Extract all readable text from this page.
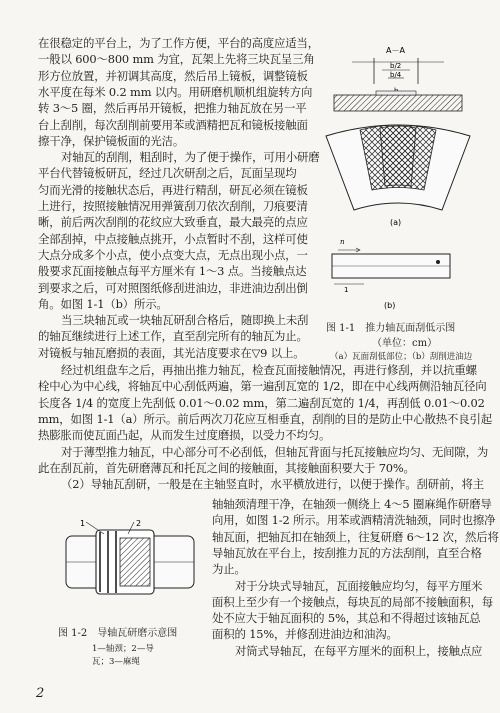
在很稳定的平台上，为了工作方便，平台的高度应适当，
一般以 600～800 mm 为宜，瓦架上先将三块瓦呈三角
形方位放置，并初调其高度，然后吊上镜板，调整镜板
水平度在每米 0.2 mm 以内。用研磨机顺机组旋转方向
转 3～5 圈，然后再吊开镜板，把推力轴瓦放在另一平
台上刮削，每次刮削前要用苯或酒精把瓦和镜板接触面
擦干净，保护镜板面的光洁。
对轴瓦的刮削，粗刮时，为了便于操作，可用小研磨
平台代替镜板研瓦，经过几次研刮之后，瓦面呈现均
匀而光滑的接触状态后，再进行精刮，研瓦必须在镜板
上进行，按照接触情况用弹簧刮刀依次刮削，刀痕要清
晰，前后两次刮削的花纹应大致垂直，最大最亮的点应
全部刮掉，中点接触点挑开，小点暂时不刮，这样可使
大点分成多个小点，使小点变大点，无点出现小点，一
般要求瓦面接触点每平方厘米有 1～3 点。当接触点达
到要求之后，可对照图纸修刮进油边，非进油边刮出倒
角。如图 1-1（b）所示。
当三块轴瓦或一块轴瓦研刮合格后，随即换上未刮
的轴瓦继续进行上述工作，直至刮完所有的轴瓦为止。
对镜板与轴瓦磨损的表面，其光洁度要求在▽9 以上。
A－A
b/2
b/4
(a)
n
1
(b)
图 1-1　推力轴瓦面刮低示图
（单位：cm）
（a）瓦面刮低部位；（b）刮削进油边
经过机组盘车之后，再抽出推力轴瓦，检查瓦面接触情况，再进行修刮，并以抗重螺
栓中心为中心线，将轴瓦中心刮低两遍，第一遍刮瓦宽的 1/2，即在中心线两侧沿轴瓦径向
长度各 1/4 的宽度上先刮低 0.01～0.02 mm，第二遍刮瓦宽的 1/4，再刮低 0.01～0.02
mm，如图 1-1（a）所示。前后两次刀花应互相垂直，刮削的目的是防止中心散热不良引起
热膨胀而使瓦面凸起，从而发生过度磨损，以受力不均匀。
对于薄型推力轴瓦，中心部分可不必刮低，但轴瓦背面与托瓦接触应均匀、无间隙，为
此在刮瓦前，首先研磨薄瓦和托瓦之间的接触面，其接触面积要大于 70%。
（2）导轴瓦刮研，一般是在主轴竖直时，水平横放进行，以便于操作。刮研前，将主
1	2
图 1-2　导轴瓦研磨示意图
1—轴颈；2—导
瓦；3—麻绳
轴轴颈清理干净，在轴颈一侧绕上 4～5 圈麻绳作研磨导
向用，如图 1-2 所示。用苯或酒精清洗轴颈，同时也擦净
轴瓦面，把轴瓦扣在轴颈上，往复研磨 6～12 次，然后将
导轴瓦放在平台上，按刮推力瓦的方法刮削，直至合格
为止。
对于分块式导轴瓦，瓦面接触应均匀，每平方厘米
面积上至少有一个接触点，每块瓦的局部不接触面积，每
处不应大于轴瓦面积的 5%，其总和不得超过该轴瓦总
面积的 15%，并修刮进油边和油沟。
对筒式导轴瓦，在每平方厘米的面积上，接触点应
2
